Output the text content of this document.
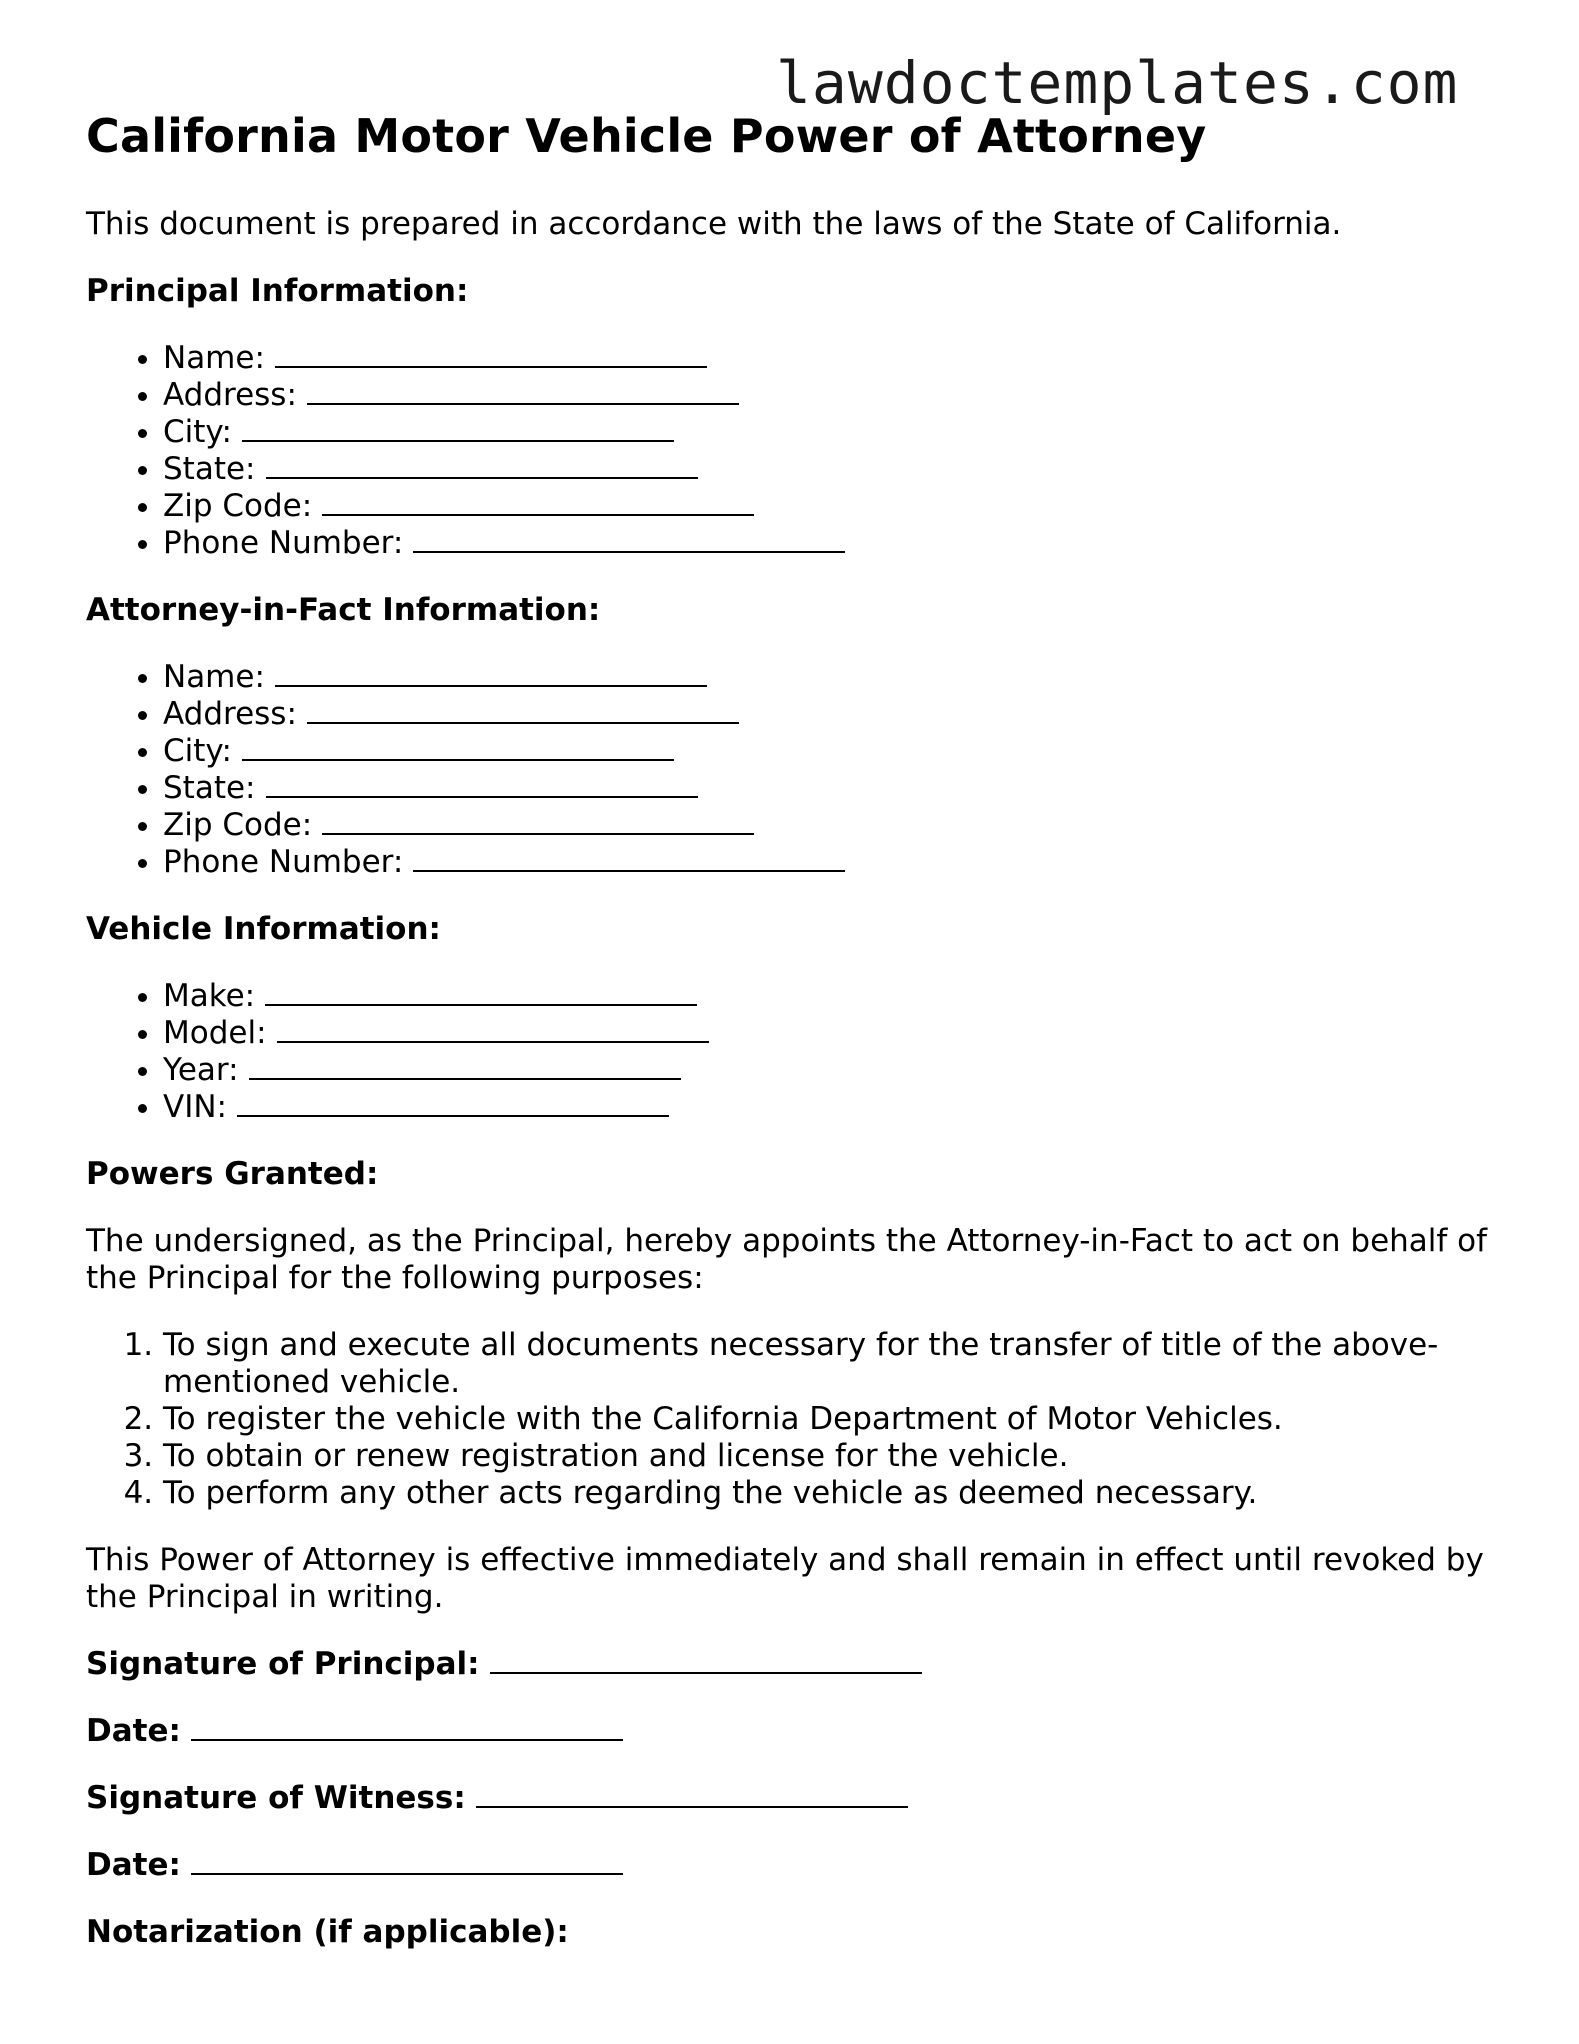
lawdoctemplates.com
California Motor Vehicle Power of Attorney

This document is prepared in accordance with the laws of the State of California.

Principal Information:

• Name:
• Address:
• City:
• State:
• Zip Code:
• Phone Number:

Attorney-in-Fact Information:

• Name:
• Address:
• City:
• State:
• Zip Code:
• Phone Number:

Vehicle Information:

• Make:
• Model:
• Year:
• VIN:

Powers Granted:

The undersigned, as the Principal, hereby appoints the Attorney-in-Fact to act on behalf of the Principal for the following purposes:

1. To sign and execute all documents necessary for the transfer of title of the above-mentioned vehicle.
2. To register the vehicle with the California Department of Motor Vehicles.
3. To obtain or renew registration and license for the vehicle.
4. To perform any other acts regarding the vehicle as deemed necessary.

This Power of Attorney is effective immediately and shall remain in effect until revoked by the Principal in writing.

Signature of Principal:

Date:

Signature of Witness:

Date:

Notarization (if applicable):
